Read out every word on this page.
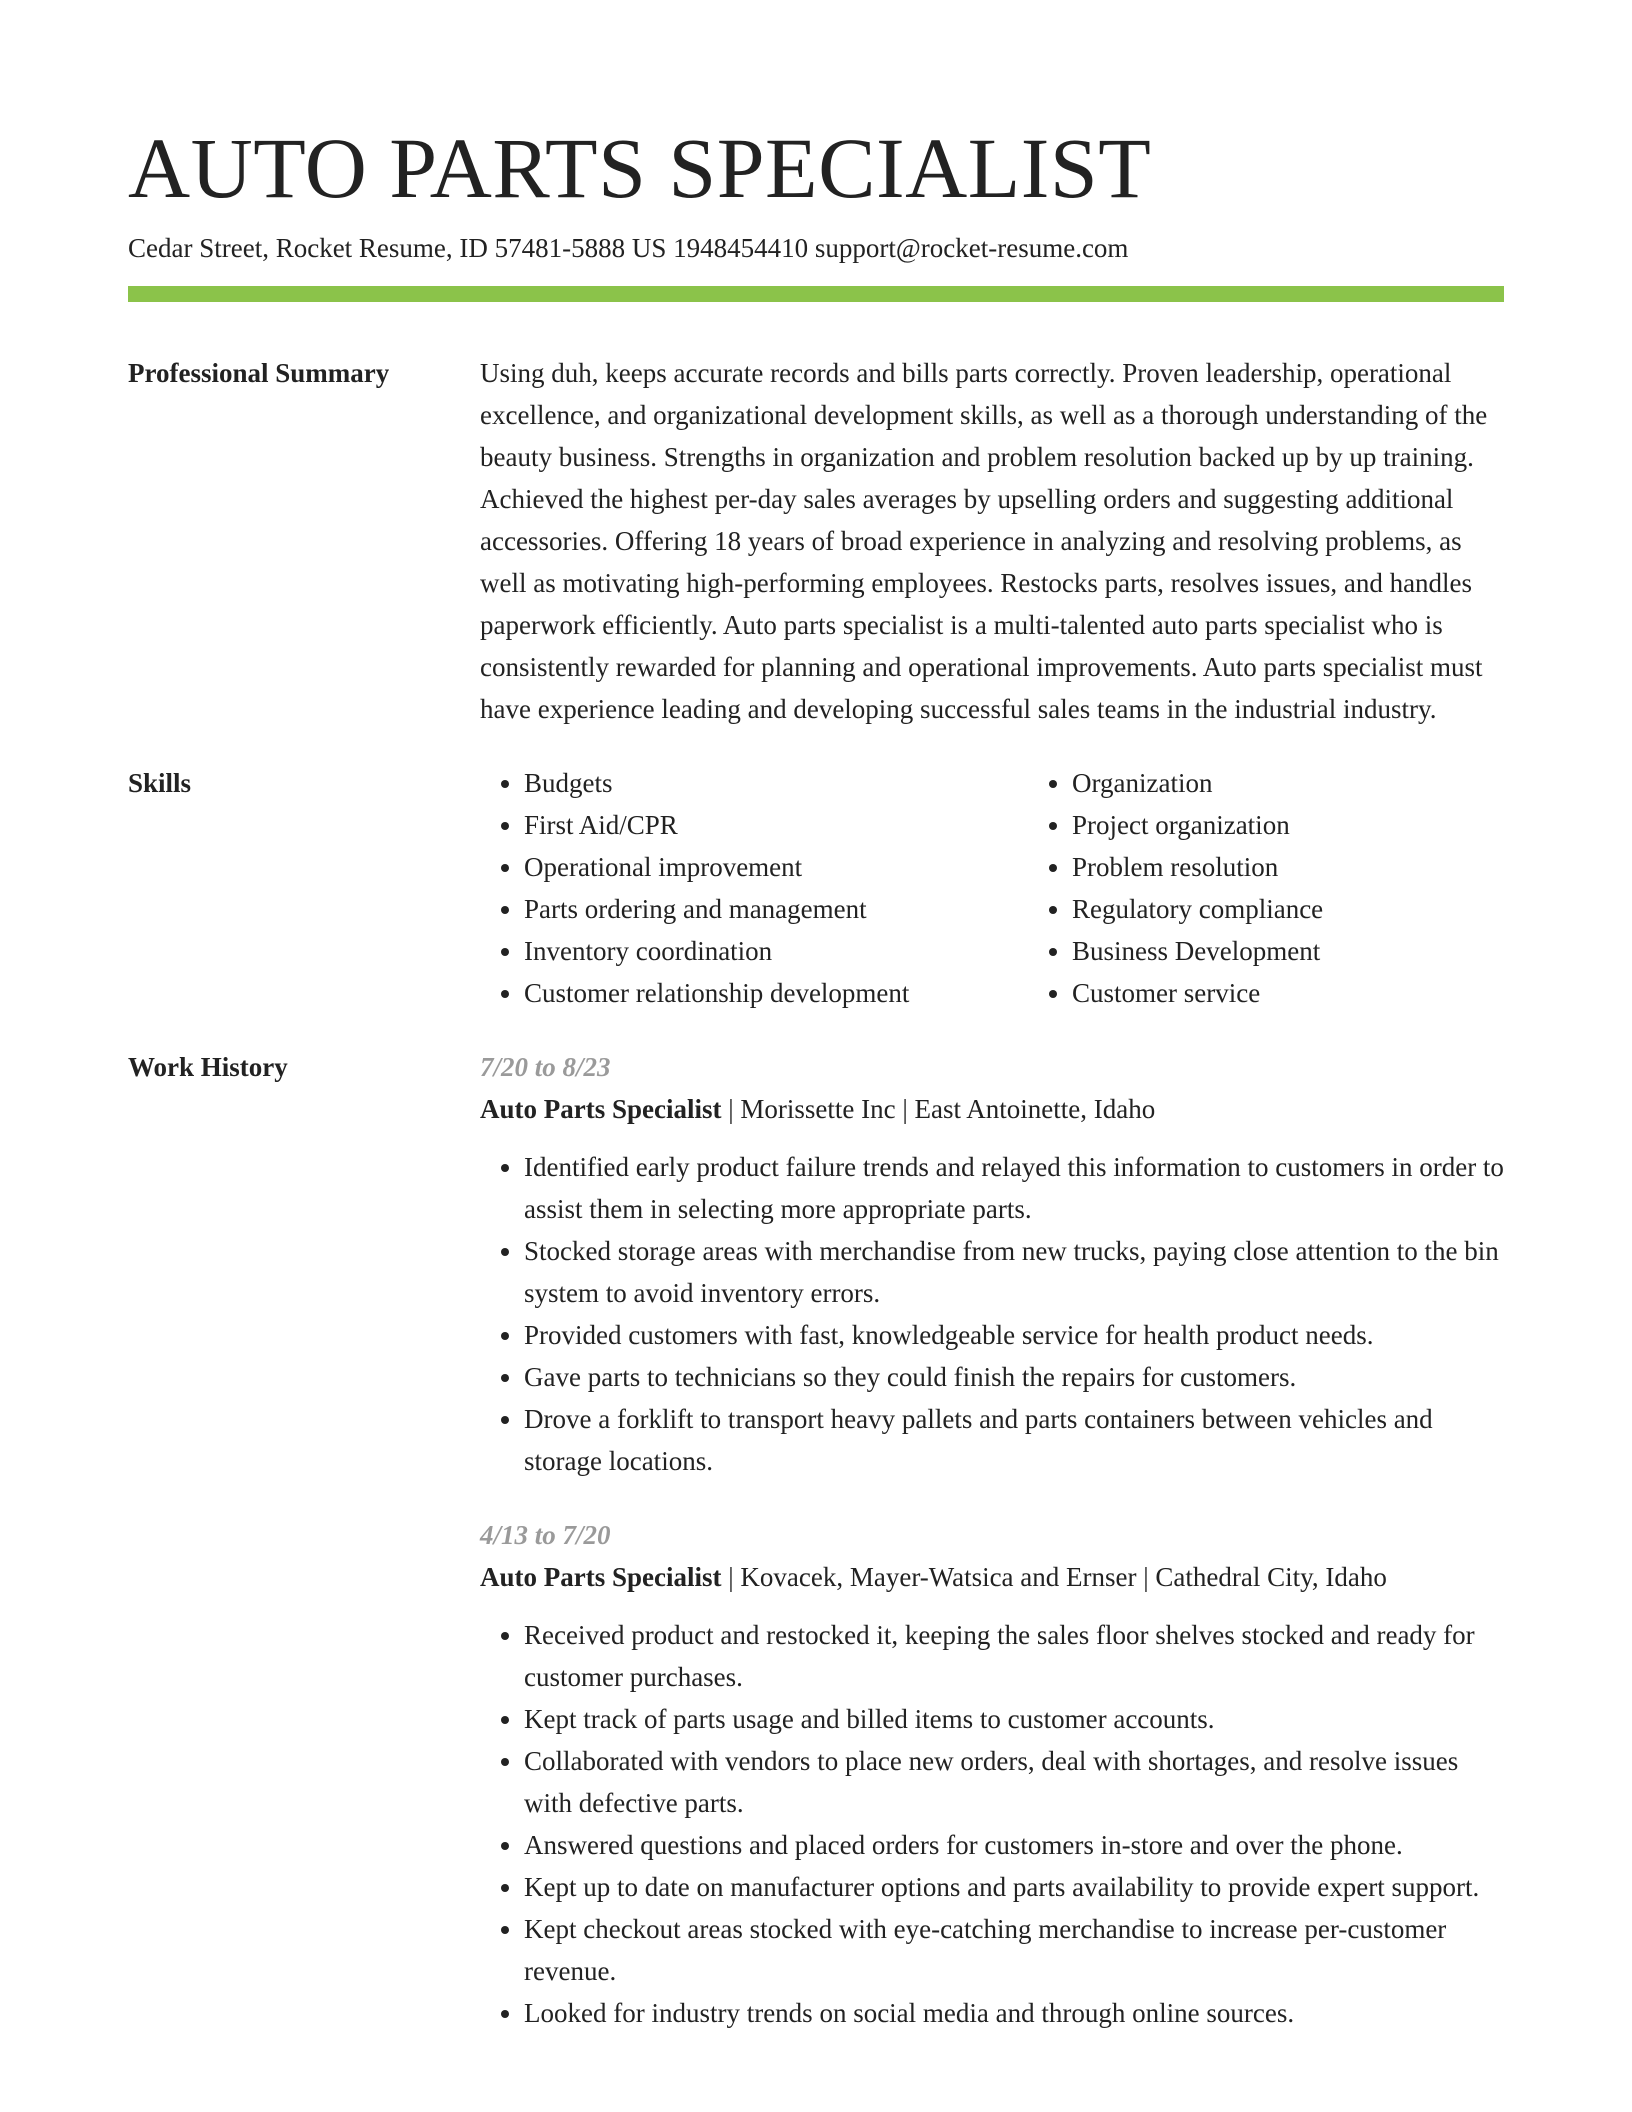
AUTO PARTS SPECIALIST
Cedar Street, Rocket Resume, ID 57481-5888 US 1948454410 support@rocket-resume.com
Professional Summary	Using duh, keeps accurate records and bills parts correctly. Proven leadership, operational excellence, and organizational development skills, as well as a thorough understanding of the beauty business. Strengths in organization and problem resolution backed up by up training. Achieved the highest per-day sales averages by upselling orders and suggesting additional accessories. Offering 18 years of broad experience in analyzing and resolving problems, as well as motivating high-performing employees. Restocks parts, resolves issues, and handles paperwork efficiently. Auto parts specialist is a multi-talented auto parts specialist who is consistently rewarded for planning and operational improvements. Auto parts specialist must have experience leading and developing successful sales teams in the industrial industry.

Skills
•	Budgets
• First Aid/CPR
• Operational improvement
• Parts ordering and management
• Inventory coordination
• Customer relationship development
• Organization
• Project organization
• Problem resolution
• Regulatory compliance
• Business Development
• Customer service
Work History	7/20 to 8/23
Auto Parts Specialist | Morissette Inc | East Antoinette, Idaho
• Identified early product failure trends and relayed this information to customers in order to assist them in selecting more appropriate parts.
• Stocked storage areas with merchandise from new trucks, paying close attention to the bin system to avoid inventory errors.
• Provided customers with fast, knowledgeable service for health product needs.
• Gave parts to technicians so they could finish the repairs for customers.
• Drove a forklift to transport heavy pallets and parts containers between vehicles and storage locations.
4/13 to 7/20
Auto Parts Specialist | Kovacek, Mayer-Watsica and Ernser | Cathedral City, Idaho
• Received product and restocked it, keeping the sales floor shelves stocked and ready for customer purchases.
• Kept track of parts usage and billed items to customer accounts.
• Collaborated with vendors to place new orders, deal with shortages, and resolve issues with defective parts.
• Answered questions and placed orders for customers in-store and over the phone.
• Kept up to date on manufacturer options and parts availability to provide expert support.
• Kept checkout areas stocked with eye-catching merchandise to increase per-customer revenue.
• Looked for industry trends on social media and through online sources.
